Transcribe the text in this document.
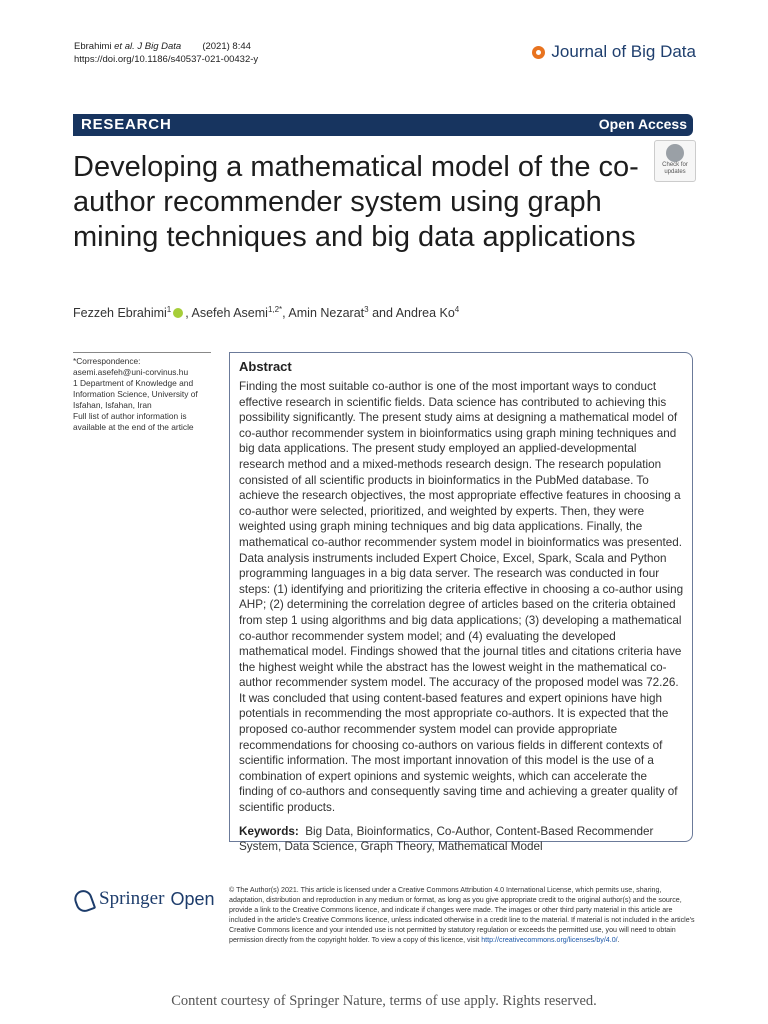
Ebrahimi et al. J Big Data (2021) 8:44
https://doi.org/10.1186/s40537-021-00432-y	Journal of Big Data
RESEARCH	Open Access
Developing a mathematical model of the co-author recommender system using graph mining techniques and big data applications
Check for updates
Fezzeh Ebrahimi$^1$ , Asefeh Asemi$^{1,2*}$, Amin Nezarat$^3$ and Andrea Ko$^4$

*Correspondence:

asemi.asefeh@uni-corvinus.hu

1 Department of Knowledge and Information Science, University of Isfahan, Isfahan, Iran

Full list of author information is available at the end of the article

Abstract

Finding the most suitable co-author is one of the most important ways to conduct effective research in scientific fields. Data science has contributed to achieving this possibility significantly. The present study aims at designing a mathematical model of co-author recommender system in bioinformatics using graph mining techniques and big data applications. The present study employed an applied-developmental research method and a mixed-methods research design. The research population consisted of all scientific products in bioinformatics in the PubMed database. To achieve the research objectives, the most appropriate effective features in choosing a co-author were selected, prioritized, and weighted by experts. Then, they were weighted using graph mining techniques and big data applications. Finally, the mathematical co-author recommender system model in bioinformatics was presented. Data analysis instruments included Expert Choice, Excel, Spark, Scala and Python programming languages in a big data server. The research was conducted in four steps: (1) identifying and prioritizing the criteria effective in choosing a co-author using AHP; (2) determining the correlation degree of articles based on the criteria obtained from step 1 using algorithms and big data applications; (3) developing a mathematical co-author recommender system model; and (4) evaluating the developed mathematical model. Findings showed that the journal titles and citations criteria have the highest weight while the abstract has the lowest weight in the mathematical co-author recommender system model. The accuracy of the proposed model was 72.26. It was concluded that using content-based features and expert opinions have high potentials in recommending the most appropriate co-authors. It is expected that the proposed co-author recommender system model can provide appropriate recommendations for choosing co-authors on various fields in different contexts of scientific information. The most important innovation of this model is the use of a combination of expert opinions and systemic weights, which can accelerate the finding of co-authors and consequently saving time and achieving a greater quality of scientific products.

Keywords: Big Data, Bioinformatics, Co-Author, Content-Based Recommender System, Data Science, Graph Theory, Mathematical Model
Springer Open © The Author(s) 2021. This article is licensed under a Creative Commons Attribution 4.0 International License, which permits use, sharing, adaptation, distribution and reproduction in any medium or format, as long as you give appropriate credit to the original author(s) and the source, provide a link to the Creative Commons licence, and indicate if changes were made. The images or other third party material in this article are included in the article's Creative Commons licence, unless indicated otherwise in a credit line to the material. If material is not included in the article's Creative Commons licence and your intended use is not permitted by statutory regulation or exceeds the permitted use, you will need to obtain permission directly from the copyright holder. To view a copy of this licence, visit http://creativecommons.org/licenses/by/4.0/.

Content courtesy of Springer Nature, terms of use apply. Rights reserved.
